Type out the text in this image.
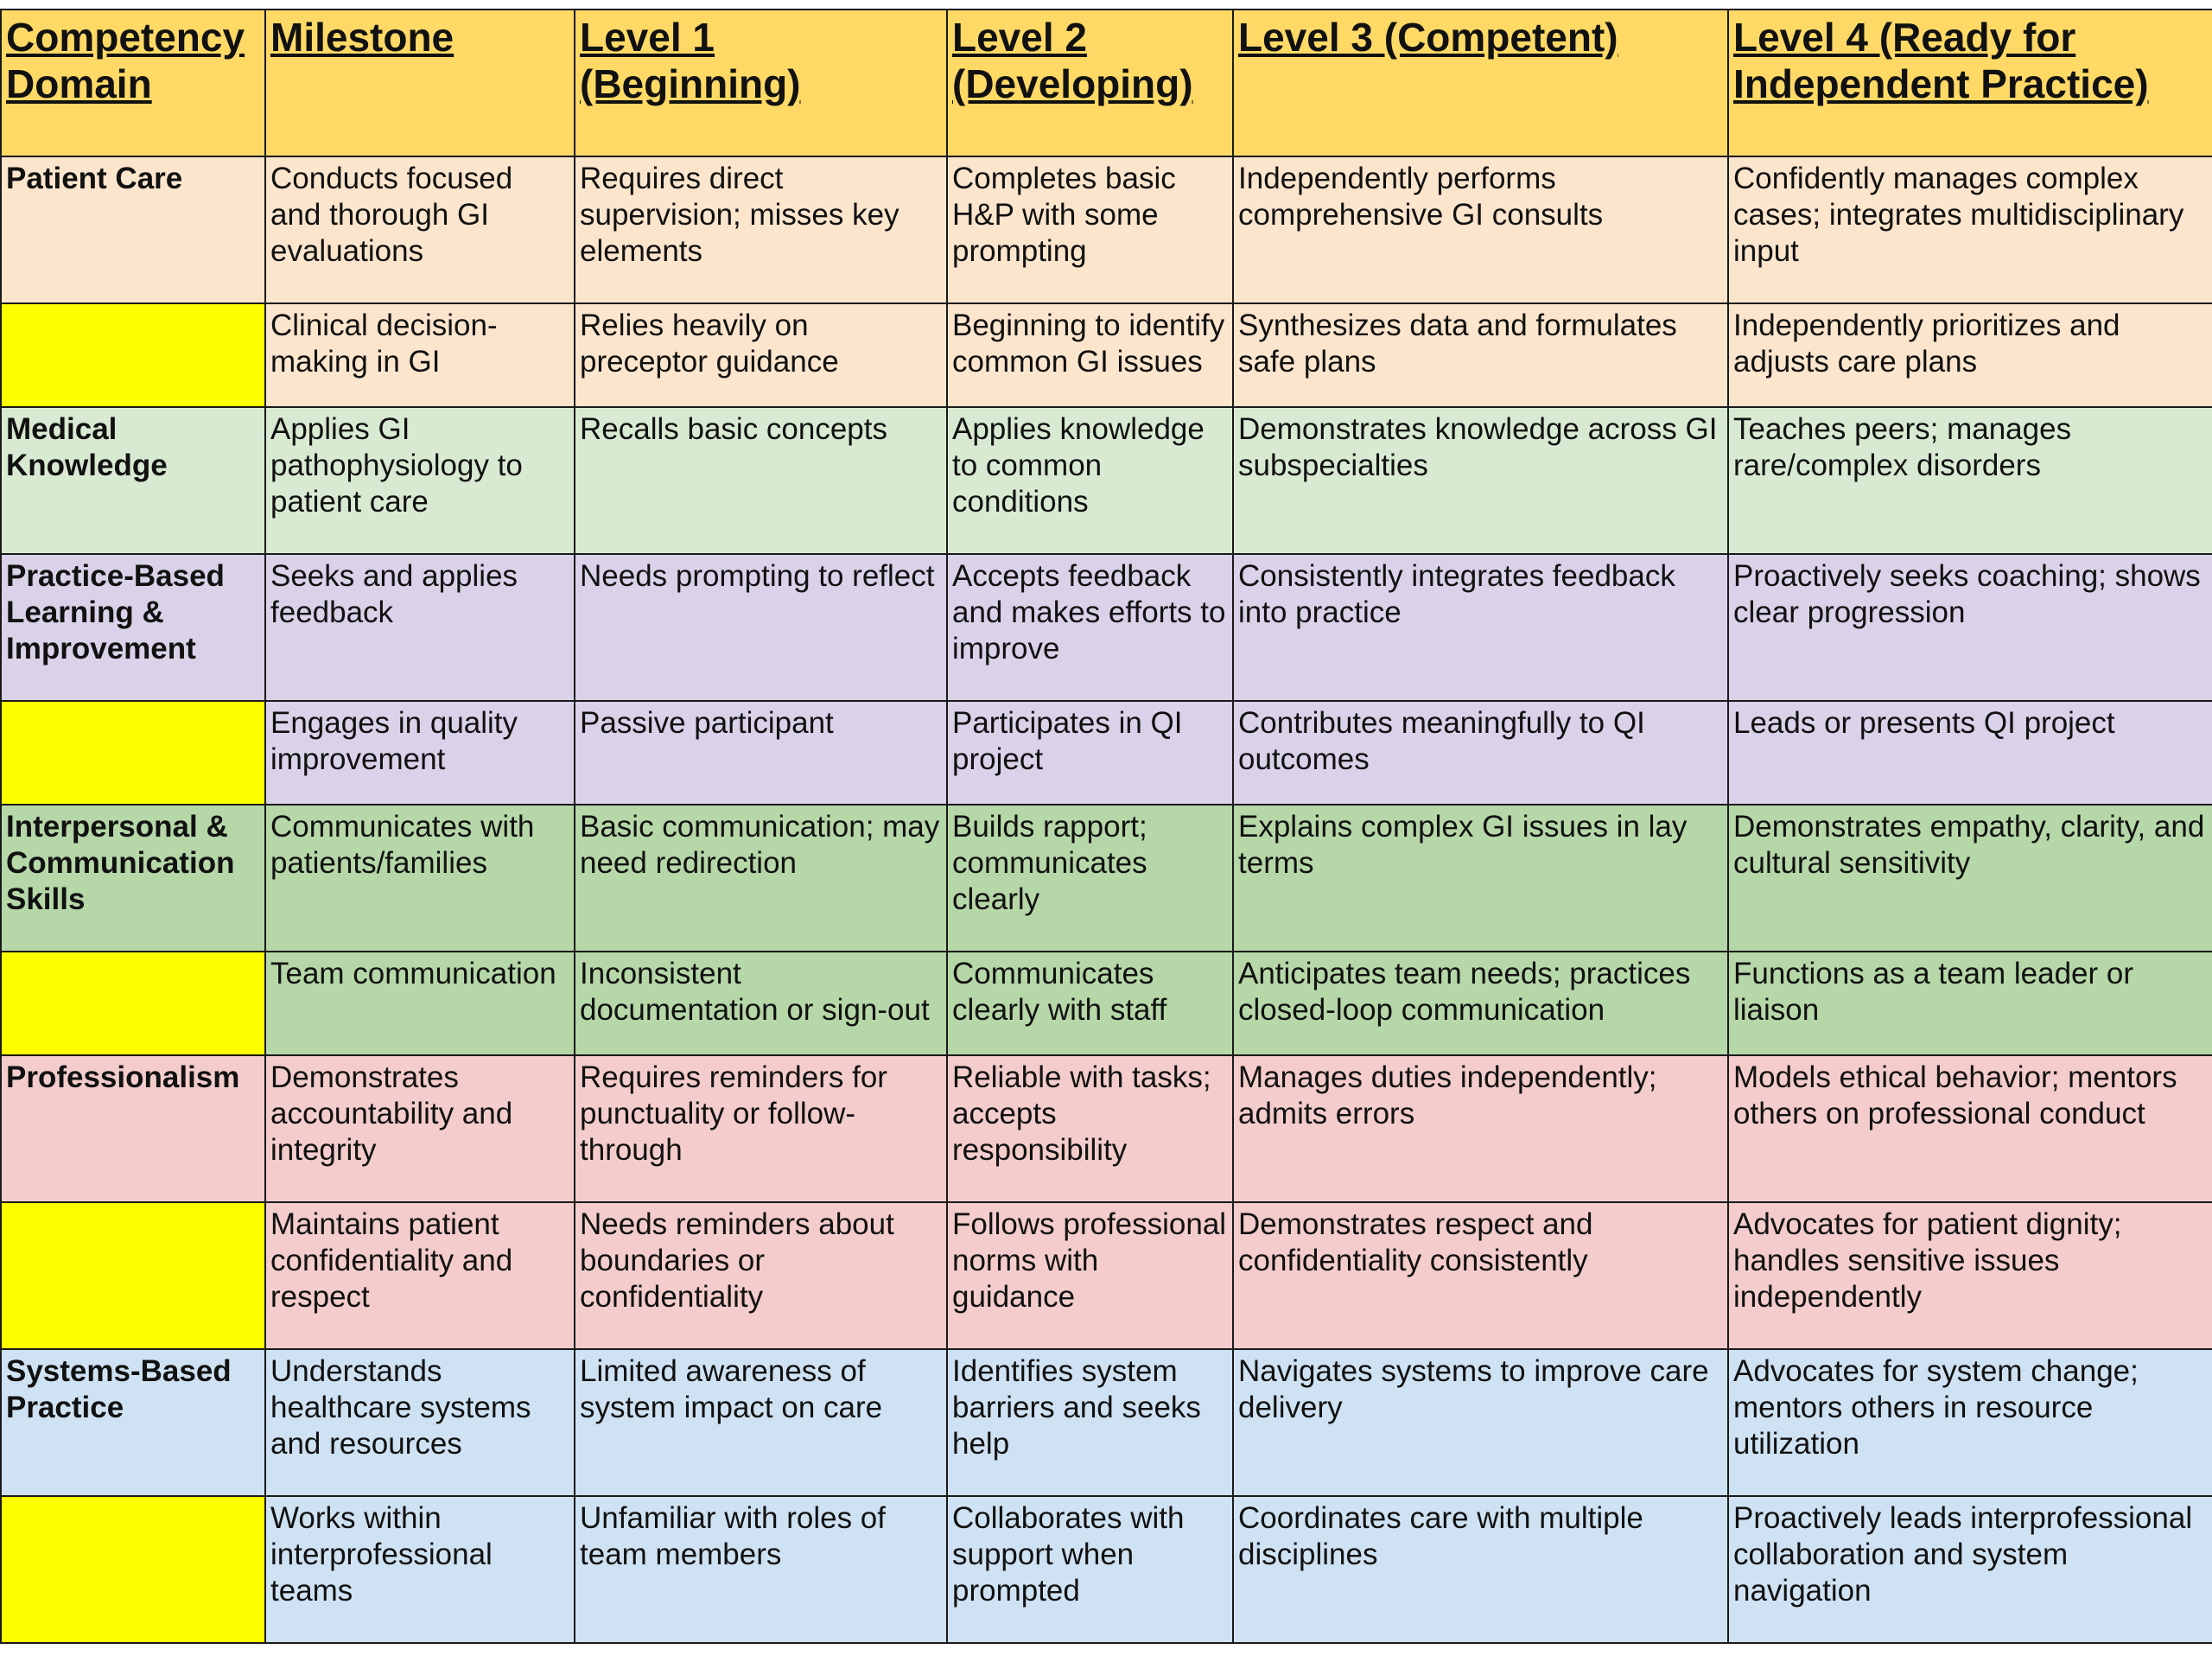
Competency Domain	Milestone	Level 1 (Beginning)	Level 2 (Developing)	Level 3 (Competent)	Level 4 (Ready for Independent Practice)
Patient Care	Conducts focused and thorough GI evaluations	Requires direct supervision; misses key elements	Completes basic H&P with some prompting	Independently performs comprehensive GI consults	Confidently manages complex cases; integrates multidisciplinary input
	Clinical decision-making in GI	Relies heavily on preceptor guidance	Beginning to identify common GI issues	Synthesizes data and formulates safe plans	Independently prioritizes and adjusts care plans
Medical Knowledge	Applies GI pathophysiology to patient care	Recalls basic concepts	Applies knowledge to common conditions	Demonstrates knowledge across GI subspecialties	Teaches peers; manages rare/complex disorders
Practice-Based Learning & Improvement	Seeks and applies feedback	Needs prompting to reflect	Accepts feedback and makes efforts to improve	Consistently integrates feedback into practice	Proactively seeks coaching; shows clear progression
	Engages in quality improvement	Passive participant	Participates in QI project	Contributes meaningfully to QI outcomes	Leads or presents QI project
Interpersonal & Communication Skills	Communicates with patients/families	Basic communication; may need redirection	Builds rapport; communicates clearly	Explains complex GI issues in lay terms	Demonstrates empathy, clarity, and cultural sensitivity
	Team communication	Inconsistent documentation or sign-out	Communicates clearly with staff	Anticipates team needs; practices closed-loop communication	Functions as a team leader or liaison
Professionalism	Demonstrates accountability and integrity	Requires reminders for punctuality or follow-through	Reliable with tasks; accepts responsibility	Manages duties independently; admits errors	Models ethical behavior; mentors others on professional conduct
	Maintains patient confidentiality and respect	Needs reminders about boundaries or confidentiality	Follows professional norms with guidance	Demonstrates respect and confidentiality consistently	Advocates for patient dignity; handles sensitive issues independently
Systems-Based Practice	Understands healthcare systems and resources	Limited awareness of system impact on care	Identifies system barriers and seeks help	Navigates systems to improve care delivery	Advocates for system change; mentors others in resource utilization
	Works within interprofessional teams	Unfamiliar with roles of team members	Collaborates with support when prompted	Coordinates care with multiple disciplines	Proactively leads interprofessional collaboration and system navigation
